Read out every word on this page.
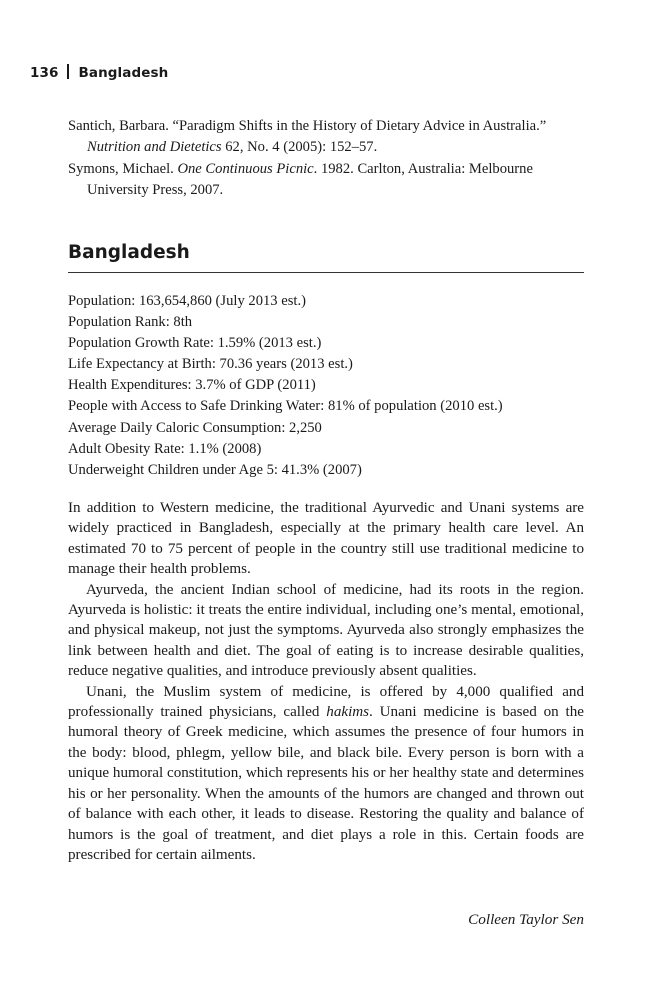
136 Bangladesh

Santich, Barbara. “Paradigm Shifts in the History of Dietary Advice in Australia.” Nutrition and Dietetics 62, No. 4 (2005): 152–57.

Symons, Michael. One Continuous Picnic. 1982. Carlton, Australia: Melbourne University Press, 2007.

Bangladesh
Population: 163,654,860 (July 2013 est.)
Population Rank: 8th
Population Growth Rate: 1.59% (2013 est.)
Life Expectancy at Birth: 70.36 years (2013 est.)
Health Expenditures: 3.7% of GDP (2011)
People with Access to Safe Drinking Water: 81% of population (2010 est.)
Average Daily Caloric Consumption: 2,250
Adult Obesity Rate: 1.1% (2008)
Underweight Children under Age 5: 41.3% (2007)

In addition to Western medicine, the traditional Ayurvedic and Unani systems are widely practiced in Bangladesh, especially at the primary health care level. An estimated 70 to 75 percent of people in the country still use traditional medicine to manage their health problems.

Ayurveda, the ancient Indian school of medicine, had its roots in the region. Ayurveda is holistic: it treats the entire individual, including one’s mental, emotional, and physical makeup, not just the symptoms. Ayurveda also strongly emphasizes the link between health and diet. The goal of eating is to increase desirable qualities, reduce negative qualities, and introduce previously absent qualities.

Unani, the Muslim system of medicine, is offered by 4,000 qualified and professionally trained physicians, called hakims. Unani medicine is based on the humoral theory of Greek medicine, which assumes the presence of four humors in the body: blood, phlegm, yellow bile, and black bile. Every person is born with a unique humoral constitution, which represents his or her healthy state and determines his or her personality. When the amounts of the humors are changed and thrown out of balance with each other, it leads to disease. Restoring the quality and balance of humors is the goal of treatment, and diet plays a role in this. Certain foods are prescribed for certain ailments.

Colleen Taylor Sen
